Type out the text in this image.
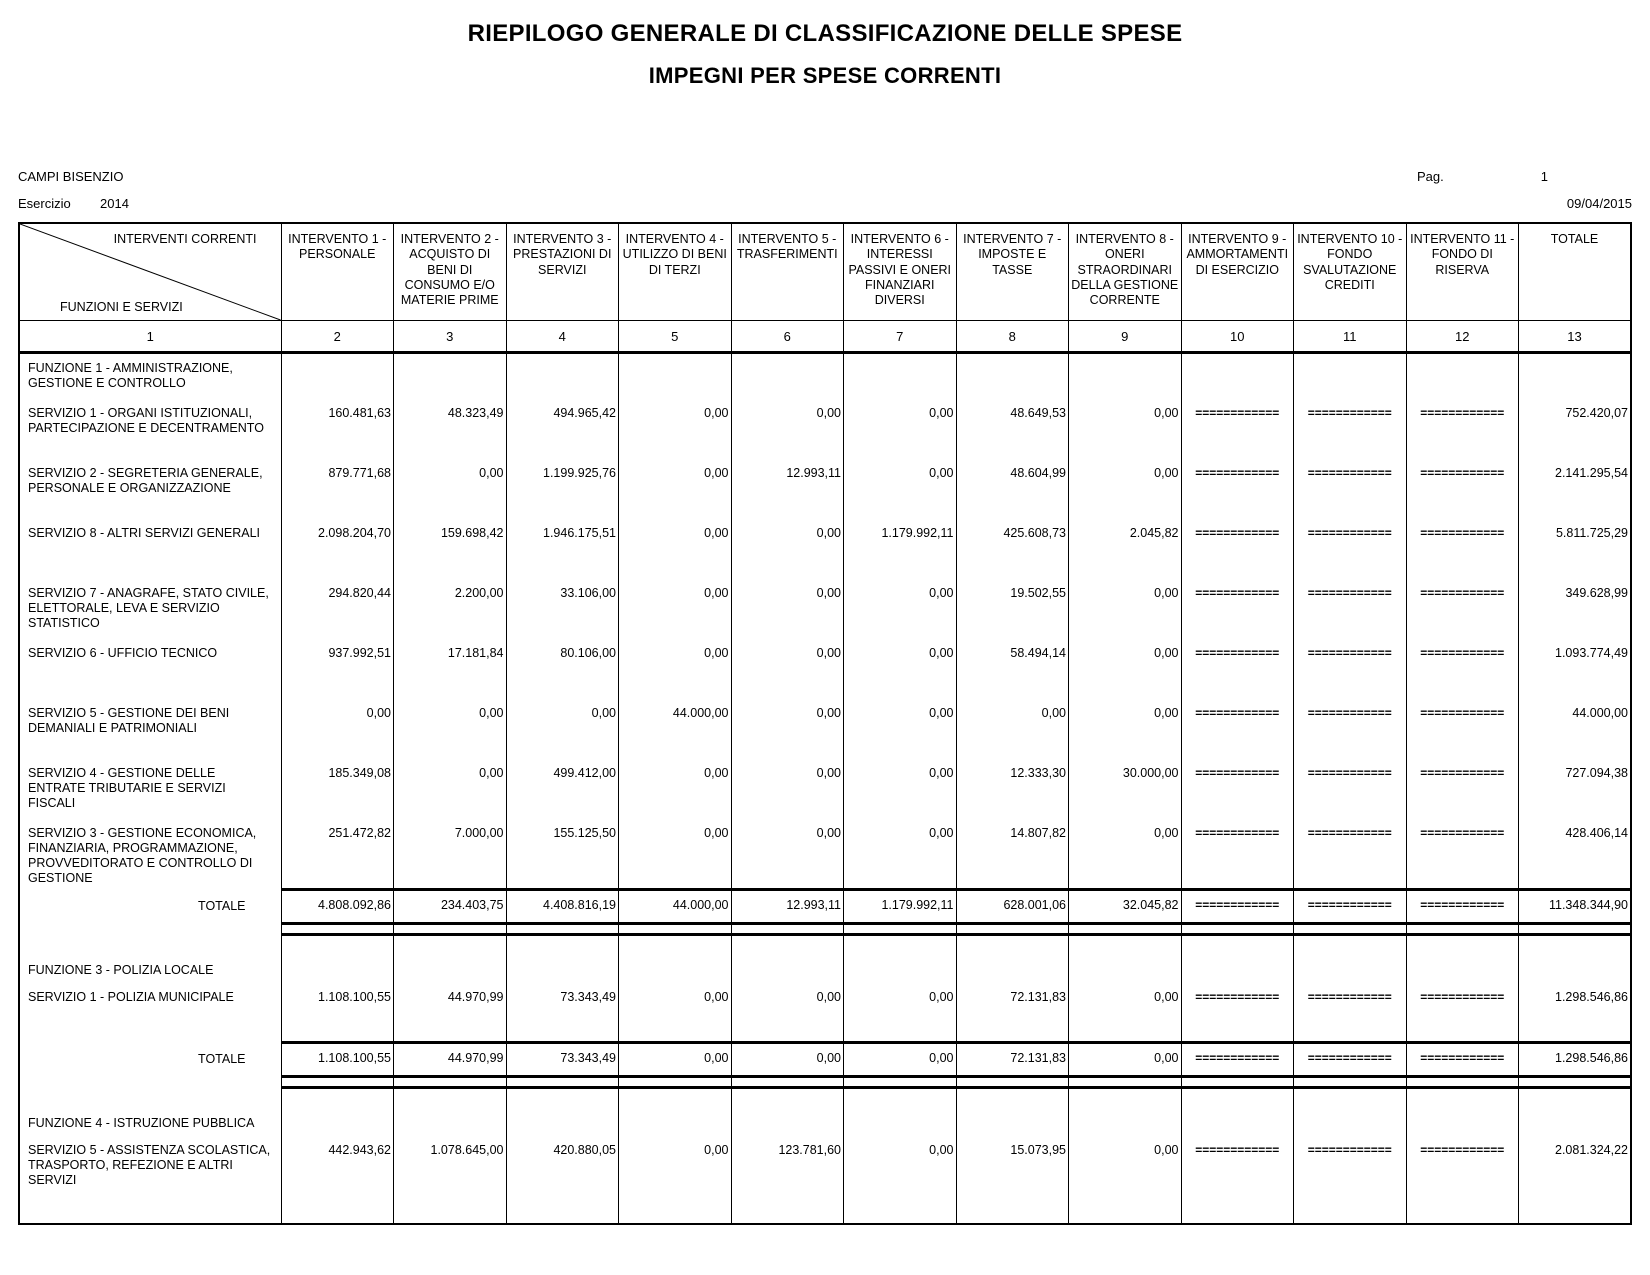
RIEPILOGO GENERALE DI CLASSIFICAZIONE DELLE SPESE
IMPEGNI PER SPESE CORRENTI
CAMPI BISENZIO	Pag.	1
Esercizio 2014	09/04/2015
INTERVENTI CORRENTI
FUNZIONI E SERVIZI	INTERVENTO 1 - PERSONALE	INTERVENTO 2 - ACQUISTO DI BENI DI CONSUMO E/O MATERIE PRIME	INTERVENTO 3 - PRESTAZIONI DI SERVIZI	INTERVENTO 4 - UTILIZZO DI BENI DI TERZI	INTERVENTO 5 - TRASFERIMENTI	INTERVENTO 6 - INTERESSI PASSIVI E ONERI FINANZIARI DIVERSI	INTERVENTO 7 - IMPOSTE E TASSE	INTERVENTO 8 - ONERI STRAORDINARI DELLA GESTIONE CORRENTE	INTERVENTO 9 - AMMORTAMENTI DI ESERCIZIO	INTERVENTO 10 - FONDO SVALUTAZIONE CREDITI	INTERVENTO 11 - FONDO DI RISERVA	TOTALE
1	2	3	4	5	6	7	8	9	10	11	12	13
FUNZIONE 1 - AMMINISTRAZIONE, GESTIONE E CONTROLLO												
SERVIZIO 1 - ORGANI ISTITUZIONALI, PARTECIPAZIONE E DECENTRAMENTO	160.481,63	48.323,49	494.965,42	0,00	0,00	0,00	48.649,53	0,00	============	============	============	752.420,07
SERVIZIO 2 - SEGRETERIA GENERALE, PERSONALE E ORGANIZZAZIONE	879.771,68	0,00	1.199.925,76	0,00	12.993,11	0,00	48.604,99	0,00	============	============	============	2.141.295,54
SERVIZIO 8 - ALTRI SERVIZI GENERALI	2.098.204,70	159.698,42	1.946.175,51	0,00	0,00	1.179.992,11	425.608,73	2.045,82	============	============	============	5.811.725,29
SERVIZIO 7 - ANAGRAFE, STATO CIVILE, ELETTORALE, LEVA E SERVIZIO STATISTICO	294.820,44	2.200,00	33.106,00	0,00	0,00	0,00	19.502,55	0,00	============	============	============	349.628,99
SERVIZIO 6 - UFFICIO TECNICO	937.992,51	17.181,84	80.106,00	0,00	0,00	0,00	58.494,14	0,00	============	============	============	1.093.774,49
SERVIZIO 5 - GESTIONE DEI BENI DEMANIALI E PATRIMONIALI	0,00	0,00	0,00	44.000,00	0,00	0,00	0,00	0,00	============	============	============	44.000,00
SERVIZIO 4 - GESTIONE DELLE ENTRATE TRIBUTARIE E SERVIZI FISCALI	185.349,08	0,00	499.412,00	0,00	0,00	0,00	12.333,30	30.000,00	============	============	============	727.094,38
SERVIZIO 3 - GESTIONE ECONOMICA, FINANZIARIA, PROGRAMMAZIONE, PROVVEDITORATO E CONTROLLO DI GESTIONE	251.472,82	7.000,00	155.125,50	0,00	0,00	0,00	14.807,82	0,00	============	============	============	428.406,14
TOTALE	4.808.092,86	234.403,75	4.408.816,19	44.000,00	12.993,11	1.179.992,11	628.001,06	32.045,82	============	============	============	11.348.344,90

FUNZIONE 3 - POLIZIA LOCALE												
SERVIZIO 1 - POLIZIA MUNICIPALE	1.108.100,55	44.970,99	73.343,49	0,00	0,00	0,00	72.131,83	0,00	============	============	============	1.298.546,86
TOTALE	1.108.100,55	44.970,99	73.343,49	0,00	0,00	0,00	72.131,83	0,00	============	============	============	1.298.546,86

FUNZIONE 4 - ISTRUZIONE PUBBLICA												
SERVIZIO 5 - ASSISTENZA SCOLASTICA, TRASPORTO, REFEZIONE E ALTRI SERVIZI	442.943,62	1.078.645,00	420.880,05	0,00	123.781,60	0,00	15.073,95	0,00	============	============	============	2.081.324,22
